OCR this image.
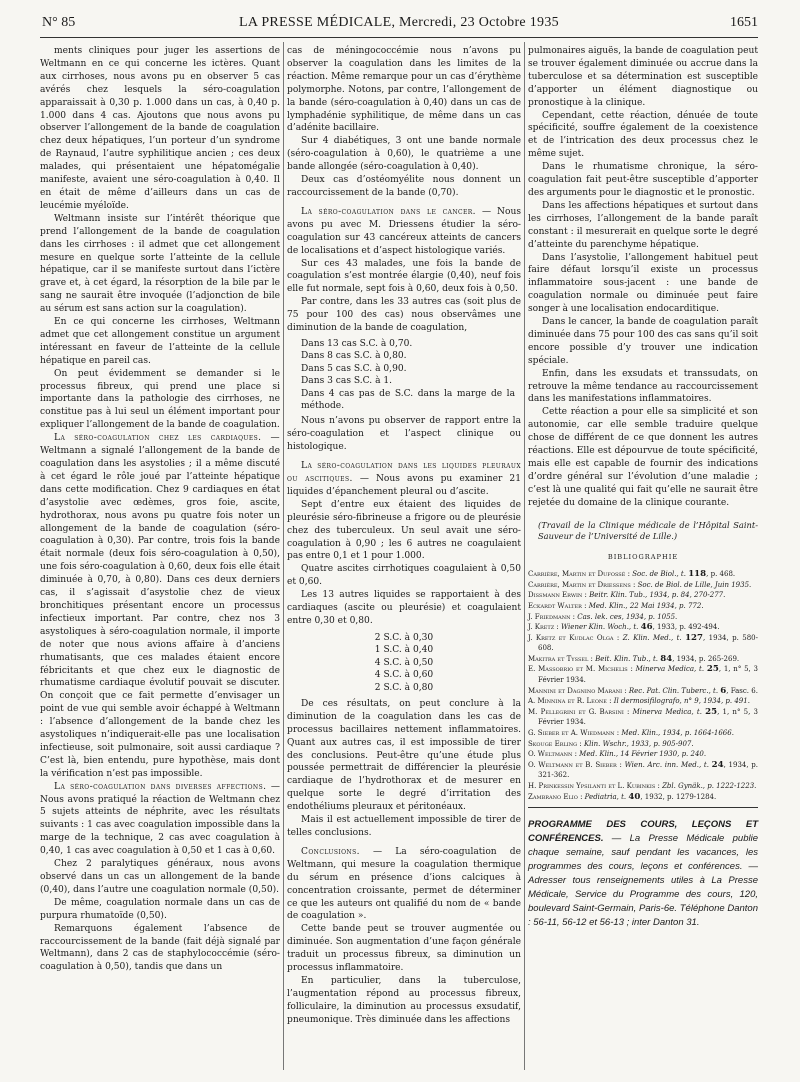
N° 85	LA PRESSE MÉDICALE, Mercredi, 23 Octobre 1935	1651

ments cliniques pour juger les assertions de Weltmann en ce qui concerne les ictères. Quant aux cirrhoses, nous avons pu en observer 5 cas avérés chez lesquels la séro-coagulation apparaissait à 0,30 p. 1.000 dans un cas, à 0,40 p. 1.000 dans 4 cas. Ajoutons que nous avons pu observer l’allongement de la bande de coagulation chez deux hépatiques, l’un porteur d’un syndrome de Raynaud, l’autre syphilitique ancien ; ces deux malades, qui présentaient une hépatomégalie manifeste, avaient une séro-coagulation à 0,40. Il en était de même d’ailleurs dans un cas de leucémie myéloïde.

Weltmann insiste sur l’intérêt théorique que prend l’allongement de la bande de coagulation dans les cirrhoses : il admet que cet allongement mesure en quelque sorte l’atteinte de la cellule hépatique, car il se manifeste surtout dans l’ictère grave et, à cet égard, la résorption de la bile par le sang ne saurait être invoquée (l’adjonction de bile au sérum est sans action sur la coagulation).

En ce qui concerne les cirrhoses, Weltmann admet que cet allongement constitue un argument intéressant en faveur de l’atteinte de la cellule hépatique en pareil cas.

On peut évidemment se demander si le processus fibreux, qui prend une place si importante dans la pathologie des cirrhoses, ne constitue pas à lui seul un élément important pour expliquer l’allongement de la bande de coagulation.

La séro-coagulation chez les cardiaques. — Weltmann a signalé l’allongement de la bande de coagulation dans les asystolies ; il a même discuté à cet égard le rôle joué par l’atteinte hépatique dans cette modification. Chez 9 cardiaques en état d’asystolie avec œdèmes, gros foie, ascite, hydrothorax, nous avons pu quatre fois noter un allongement de la bande de coagulation (séro-coagulation à 0,30). Par contre, trois fois la bande était normale (deux fois séro-coagulation à 0,50), une fois séro-coagulation à 0,60, deux fois elle était diminuée à 0,70, à 0,80). Dans ces deux derniers cas, il s’agissait d’asystolie chez de vieux bronchitiques présentant encore un processus infectieux important. Par contre, chez nos 3 asystoliques à séro-coagulation normale, il importe de noter que nous avions affaire à d’anciens rhumatisants, que ces malades étaient encore fébricitants et que chez eux le diagnostic de rhumatisme cardiaque évolutif pouvait se discuter. On conçoit que ce fait permette d’envisager un point de vue qui semble avoir échappé à Weltmann : l’absence d’allongement de la bande chez les asystoliques n’indiquerait-elle pas une localisation infectieuse, soit pulmonaire, soit aussi cardiaque ? C’est là, bien entendu, pure hypothèse, mais dont la vérification n’est pas impossible.

La séro-coagulation dans diverses affections. — Nous avons pratiqué la réaction de Weltmann chez 5 sujets atteints de néphrite, avec les résultats suivants : 1 cas avec coagulation impossible dans la marge de la technique, 2 cas avec coagulation à 0,40, 1 cas avec coagulation à 0,50 et 1 cas à 0,60.

Chez 2 paralytiques généraux, nous avons observé dans un cas un allongement de la bande (0,40), dans l’autre une coagulation normale (0,50).

De même, coagulation normale dans un cas de purpura rhumatoïde (0,50).

Remarquons également l’absence de raccourcissement de la bande (fait déjà signalé par Weltmann), dans 2 cas de staphylococcémie (séro-coagulation à 0,50), tandis que dans un

cas de méningococcémie nous n’avons pu observer la coagulation dans les limites de la réaction. Même remarque pour un cas d’érythème polymorphe. Notons, par contre, l’allongement de la bande (séro-coagulation à 0,40) dans un cas de lymphadénie syphilitique, de même dans un cas d’adénite bacillaire.

Sur 4 diabétiques, 3 ont une bande normale (séro-coagulation à 0,60), le quatrième a une bande allongée (séro-coagulation à 0,40).

Deux cas d’ostéomyélite nous donnent un raccourcissement de la bande (0,70).

La séro-coagulation dans le cancer. — Nous avons pu avec M. Driessens étudier la séro-coagulation sur 43 cancéreux atteints de cancers de localisations et d’aspect histologique variés.

Sur ces 43 malades, une fois la bande de coagulation s’est montrée élargie (0,40), neuf fois elle fut normale, sept fois à 0,60, deux fois à 0,50.

Par contre, dans les 33 autres cas (soit plus de 75 pour 100 des cas) nous observâmes une diminution de la bande de coagulation,

Dans 13 cas S.C. à 0,70.
Dans 8 cas S.C. à 0,80.
Dans 5 cas S.C. à 0,90.
Dans 3 cas S.C. à 1.
Dans 4 cas pas de S.C. dans la marge de la méthode.

Nous n’avons pu observer de rapport entre la séro-coagulation et l’aspect clinique ou histologique.

La séro-coagulation dans les liquides pleuraux ou ascitiques. — Nous avons pu examiner 21 liquides d’épanchement pleural ou d’ascite.

Sept d’entre eux étaient des liquides de pleurésie séro-fibrineuse a frigore ou de pleurésie chez des tuberculeux. Un seul avait une séro-coagulation à 0,90 ; les 6 autres ne coagulaient pas entre 0,1 et 1 pour 1.000.

Quatre ascites cirrhotiques coagulaient à 0,50 et 0,60.

Les 13 autres liquides se rapportaient à des cardiaques (ascite ou pleurésie) et coagulaient entre 0,30 et 0,80.

2 S.C. à 0,30
1 S.C. à 0,40
4 S.C. à 0,50
4 S.C. à 0,60
2 S.C. à 0,80

De ces résultats, on peut conclure à la diminution de la coagulation dans les cas de processus bacillaires nettement inflammatoires. Quant aux autres cas, il est impossible de tirer des conclusions. Peut-être qu’une étude plus poussée permettrait de différencier la pleurésie cardiaque de l’hydrothorax et de mesurer en quelque sorte le degré d’irritation des endothéliums pleuraux et péritonéaux.

Mais il est actuellement impossible de tirer de telles conclusions.

Conclusions. — La séro-coagulation de Weltmann, qui mesure la coagulation thermique du sérum en présence d’ions calciques à concentration croissante, permet de déterminer ce que les auteurs ont qualifié du nom de « bande de coagulation ».

Cette bande peut se trouver augmentée ou diminuée. Son augmentation d’une façon générale traduit un processus fibreux, sa diminution un processus inflammatoire.

En particulier, dans la tuberculose, l’augmentation répond au processus fibreux, folliculaire, la diminution au processus exsudatif, pneumonique. Très diminuée dans les affections

pulmonaires aiguës, la bande de coagulation peut se trouver également diminuée ou accrue dans la tuberculose et sa détermination est susceptible d’apporter un élément diagnostique ou pronostique à la clinique.

Cependant, cette réaction, dénuée de toute spécificité, souffre également de la coexistence et de l’intrication des deux processus chez le même sujet.

Dans le rhumatisme chronique, la séro-coagulation fait peut-être susceptible d’apporter des arguments pour le diagnostic et le pronostic.

Dans les affections hépatiques et surtout dans les cirrhoses, l’allongement de la bande paraît constant : il mesurerait en quelque sorte le degré d’atteinte du parenchyme hépatique.

Dans l’asystolie, l’allongement habituel peut faire défaut lorsqu’il existe un processus inflammatoire sous-jacent : une bande de coagulation normale ou diminuée peut faire songer à une localisation endocarditique.

Dans le cancer, la bande de coagulation paraît diminuée dans 75 pour 100 des cas sans qu’il soit encore possible d’y trouver une indication spéciale.

Enfin, dans les exsudats et transsudats, on retrouve la même tendance au raccourcissement dans les manifestations inflammatoires.

Cette réaction a pour elle sa simplicité et son autonomie, car elle semble traduire quelque chose de différent de ce que donnent les autres réactions. Elle est dépourvue de toute spécificité, mais elle est capable de fournir des indications d’ordre général sur l’évolution d’une maladie ; c’est là une qualité qui fait qu’elle ne saurait être rejetée du domaine de la clinique courante.

(Travail de la Clinique médicale de l’Hôpital Saint-Sauveur de l’Université de Lille.)

BIBLIOGRAPHIE
Carrière, Martin et Dufossé : Soc. de Biol., t. 118, p. 468.
Carrière, Martin et Driessens : Soc. de Biol. de Lille, Juin 1935.
Dissmann Erwin : Beitr. Klin. Tub., 1934, p. 84, 270-277.
Eckardt Walter : Med. Klin., 22 Mai 1934, p. 772.
J. Friedmann : Cas. lek. ces, 1934, p. 1055.
J. Kretz : Wiener Klin. Woch., t. 46, 1933, p. 492-494.
J. Kretz et Kudlac Olga : Z. Klin. Med., t. 127, 1934, p. 580-608.
Makitra et Tyssel : Beit. Klin. Tub., t. 84, 1934, p. 265-269.
E. Massobrio et M. Michelis : Minerva Medica, t. 25, 1, n° 5, 3 Février 1934.
Mannini et Dagnino Marani : Rec. Pat. Clin. Tuberc., t. 6, Fasc. 6.
A. Minnina et R. Leone : Il dermosifilografo, n° 9, 1934, p. 491.
M. Pellegrini et G. Barsini : Minerva Medica, t. 25, 1, n° 5, 3 Février 1934.
G. Sieber et A. Wiedmann : Med. Klin., 1934, p. 1664-1666.
Skouge Erling : Klin. Wschr., 1933, p. 905-907.
O. Weltmann : Med. Klin., 14 Février 1930, p. 240.
O. Weltmann et B. Sieber : Wien. Arc. inn. Med., t. 24, 1934, p. 321-362.
H. Prinkessin Ypsilanti et L. Kubinkis : Zbl. Gynäk., p. 1222-1223.
Zambrano Elio : Pediatria, t. 40, 1932, p. 1279-1284.

PROGRAMME DES COURS, LEÇONS ET CONFÉRENCES. — La Presse Médicale publie chaque semaine, sauf pendant les vacances, les programmes des cours, leçons et conférences. — Adresser tous renseignements utiles à La Presse Médicale, Service du Programme des cours, 120, boulevard Saint-Germain, Paris-6e. Téléphone Danton : 56-11, 56-12 et 56-13 ; inter Danton 31.
